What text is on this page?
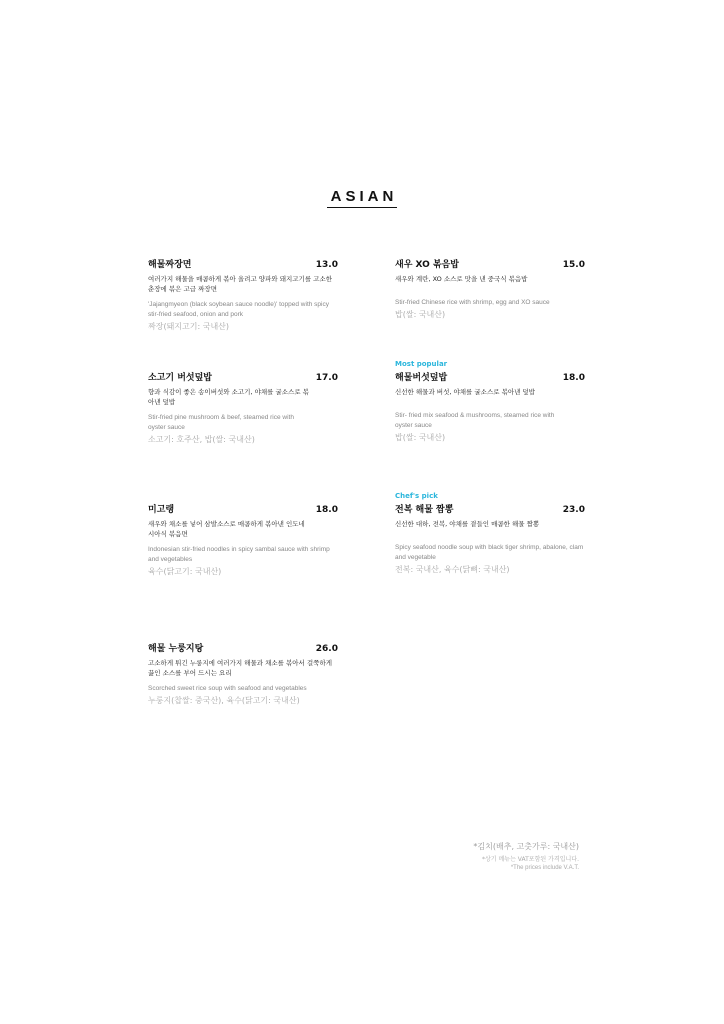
ASIAN
해물짜장면	13.0
여러가지 해물을 매콤하게 볶아 올려고 양파와 돼지고기를 고소한 춘장에 볶은 고급 짜장면
'Jajangmyeon (black soybean sauce noodle)' topped with spicy stir-fried seafood, onion and pork
짜장(돼지고기: 국내산)
새우 XO 볶음밥	15.0
새우와 계란, XO 소스로 맛을 낸 중국식 볶음밥
Stir-fried Chinese rice with shrimp, egg and XO sauce
밥(쌀: 국내산)
소고기 버섯덮밥	17.0
향과 식감이 좋은 송이버섯와 소고기, 야채를 굴소스로 볶아낸 덮밥
Stir-fried pine mushroom & beef, steamed rice with oyster sauce
소고기: 호주산, 밥(쌀: 국내산)
Most popular
해물버섯덮밥	18.0
신선한 해물과 버섯, 야채를 굴소스로 볶아낸 덮밥
Stir- fried mix seafood & mushrooms, steamed rice with oyster sauce
밥(쌀: 국내산)
미고랭	18.0
새우와 채소를 넣어 삼발소스로 매콤하게 볶아낸 인도네시아식 볶음면
Indonesian stir-fried noodles in spicy sambal sauce with shrimp and vegetables
육수(닭고기: 국내산)
Chef's pick
전복 해물 짬뽕	23.0
신선한 대하, 전복, 야채를 곁들인 매콤한 해물 짬뽕
Spicy seafood noodle soup with black tiger shrimp, abalone, clam and vegetable
전복: 국내산, 육수(닭뼈: 국내산)
해물 누룽지탕	26.0
고소하게 튀긴 누룽지에 여러가지 해물과 채소를 볶아서 걸쭉하게 끓인 소스를 부어 드시는 요리
Scorched sweet rice soup with seafood and vegetables
누룽지(찹쌀: 중국산), 육수(닭고기: 국내산)
*김치(배추, 고춧가루: 국내산)
*상기 메뉴는 VAT포함된 가격입니다.
*The prices include V.A.T.
